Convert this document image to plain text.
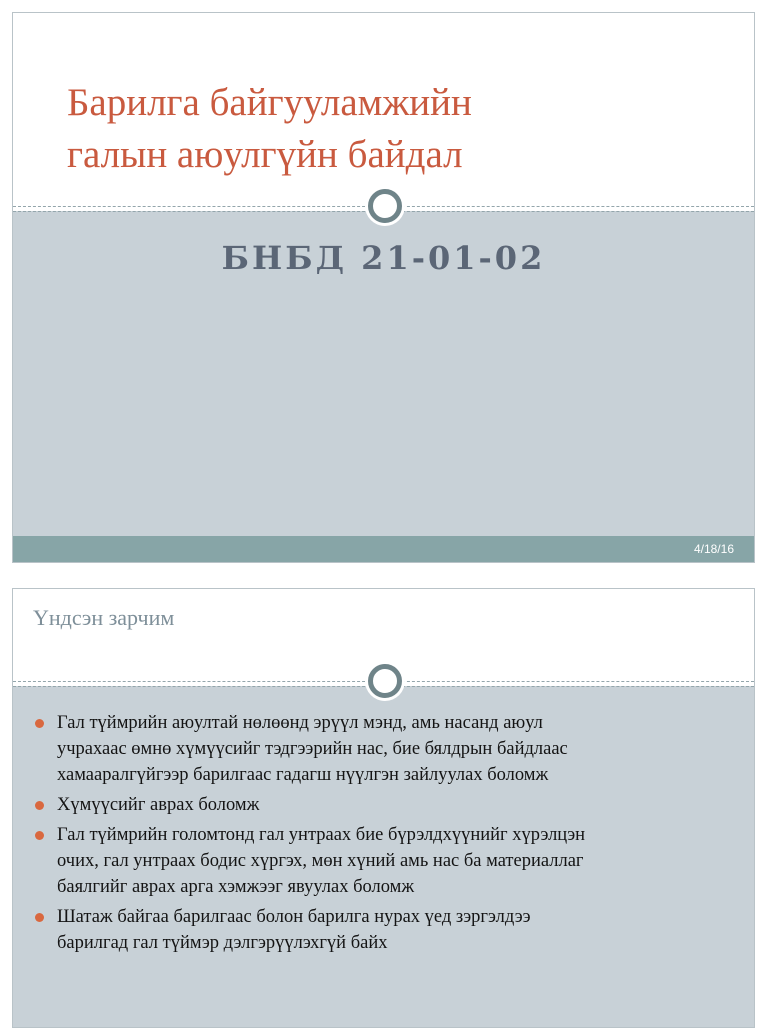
Барилга байгууламжийн
галын аюулгүйн байдал
БНБД 21-01-02
4/18/16
Үндсэн зарчим
Гал түймрийн аюултай нөлөөнд эрүүл мэнд, амь насанд аюул
учрахаас өмнө хүмүүсийг тэдгээрийн нас, бие бялдрын байдлаас
хамааралгүйгээр барилгаас гадагш нүүлгэн зайлуулах боломж
Хүмүүсийг аврах боломж
Гал түймрийн голомтонд гал унтраах бие бүрэлдхүүнийг хүрэлцэн
очих, гал унтраах бодис хүргэх, мөн хүний амь нас ба материаллаг
баялгийг аврах арга хэмжээг явуулах боломж
Шатаж байгаа барилгаас болон барилга нурах үед зэргэлдээ
барилгад гал түймэр дэлгэрүүлэхгүй байх
